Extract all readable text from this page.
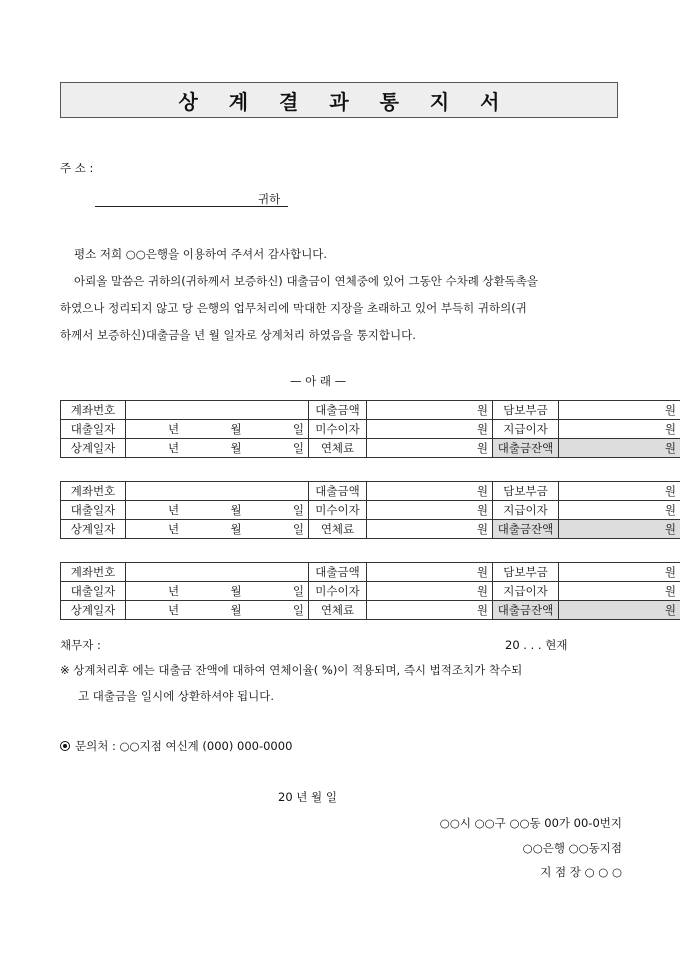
상 계 결 과 통 지 서
주 소 :
귀하
평소 저희 ○○은행을 이용하여 주셔서 감사합니다.
아뢰올 말씀은 귀하의(귀하께서 보증하신) 대출금이 연체중에 있어 그동안 수차례 상환독촉을
하였으나 정리되지 않고 당 은행의 업무처리에 막대한 지장을 초래하고 있어 부득히 귀하의(귀
하께서 보증하신)대출금을 년 월 일자로 상계처리 하였음을 통지합니다.
— 아 래 —
계좌번호		대출금액	원	담보부금	원
대출일자	년 월 일	미수이자	원	지급이자	원
상계일자	년 월 일	연체료	원	대출금잔액	원
계좌번호		대출금액	원	담보부금	원
대출일자	년 월 일	미수이자	원	지급이자	원
상계일자	년 월 일	연체료	원	대출금잔액	원
계좌번호		대출금액	원	담보부금	원
대출일자	년 월 일	미수이자	원	지급이자	원
상계일자	년 월 일	연체료	원	대출금잔액	원
채무자 :	20 . . . 현재
※ 상계처리후 에는 대출금 잔액에 대하여 연체이율( %)이 적용되며, 즉시 법적조치가 착수되
고 대출금을 일시에 상환하셔야 됩니다.
문의처 : ○○지점 여신계 (000) 000-0000
20 년 월 일
○○시 ○○구 ○○동 00가 00-0번지
○○은행 ○○동지점
지 점 장 ○ ○ ○
